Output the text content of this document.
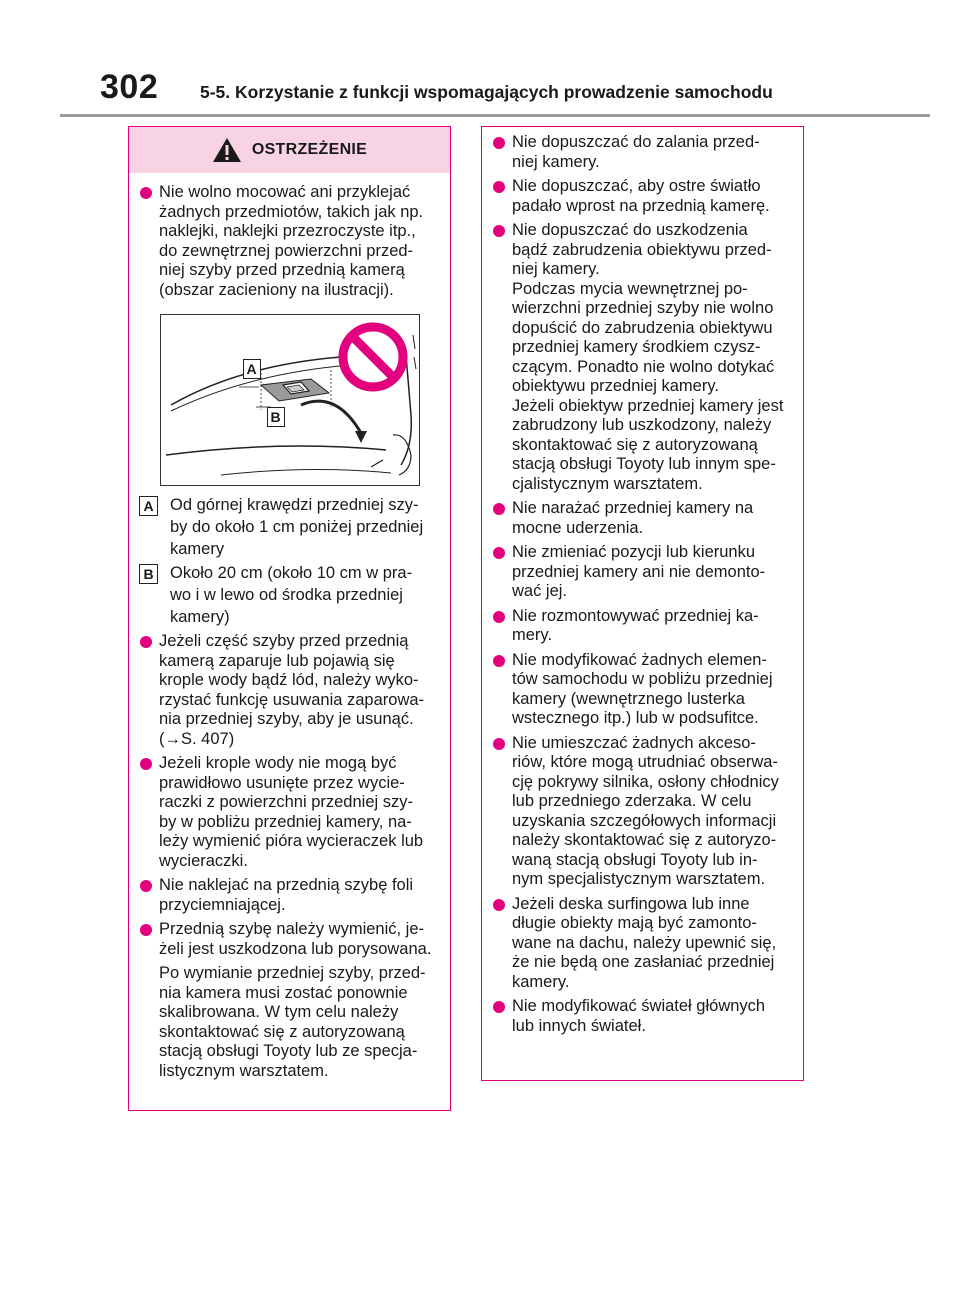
302 5-5. Korzystanie z funkcji wspomagających prowadzenie samochodu
OSTRZEŻENIE
Nie wolno mocować ani przyklejać
żadnych przedmiotów, takich jak np.
naklejki, naklejki przezroczyste itp.,
do zewnętrznej powierzchni przed-
niej szyby przed przednią kamerą
(obszar zacieniony na ilustracji).
A
B
A Od górnej krawędzi przedniej szy-
by do około 1 cm poniżej przedniej
kamery
B Około 20 cm (około 10 cm w pra-
wo i w lewo od środka przedniej
kamery)
Jeżeli część szyby przed przednią
kamerą zaparuje lub pojawią się
krople wody bądź lód, należy wyko-
rzystać funkcję usuwania zaparowa-
nia przedniej szyby, aby je usunąć.
(→S. 407)
Jeżeli krople wody nie mogą być
prawidłowo usunięte przez wycie-
raczki z powierzchni przedniej szy-
by w pobliżu przedniej kamery, na-
leży wymienić pióra wycieraczek lub
wycieraczki.
Nie naklejać na przednią szybę foli
przyciemniającej.
Przednią szybę należy wymienić, je-
żeli jest uszkodzona lub porysowana.
Po wymianie przedniej szyby, przed-
nia kamera musi zostać ponownie
skalibrowana. W tym celu należy
skontaktować się z autoryzowaną
stacją obsługi Toyoty lub ze specja-
listycznym warsztatem.
Nie dopuszczać do zalania przed-
niej kamery.
Nie dopuszczać, aby ostre światło
padało wprost na przednią kamerę.
Nie dopuszczać do uszkodzenia
bądź zabrudzenia obiektywu przed-
niej kamery.
Podczas mycia wewnętrznej po-
wierzchni przedniej szyby nie wolno
dopuścić do zabrudzenia obiektywu
przedniej kamery środkiem czysz-
czącym. Ponadto nie wolno dotykać
obiektywu przedniej kamery.
Jeżeli obiektyw przedniej kamery jest
zabrudzony lub uszkodzony, należy
skontaktować się z autoryzowaną
stacją obsługi Toyoty lub innym spe-
cjalistycznym warsztatem.
Nie narażać przedniej kamery na
mocne uderzenia.
Nie zmieniać pozycji lub kierunku
przedniej kamery ani nie demonto-
wać jej.
Nie rozmontowywać przedniej ka-
mery.
Nie modyfikować żadnych elemen-
tów samochodu w pobliżu przedniej
kamery (wewnętrznego lusterka
wstecznego itp.) lub w podsufitce.
Nie umieszczać żadnych akceso-
riów, które mogą utrudniać obserwa-
cję pokrywy silnika, osłony chłodnicy
lub przedniego zderzaka. W celu
uzyskania szczegółowych informacji
należy skontaktować się z autoryzo-
waną stacją obsługi Toyoty lub in-
nym specjalistycznym warsztatem.
Jeżeli deska surfingowa lub inne
długie obiekty mają być zamonto-
wane na dachu, należy upewnić się,
że nie będą one zasłaniać przedniej
kamery.
Nie modyfikować świateł głównych
lub innych świateł.
